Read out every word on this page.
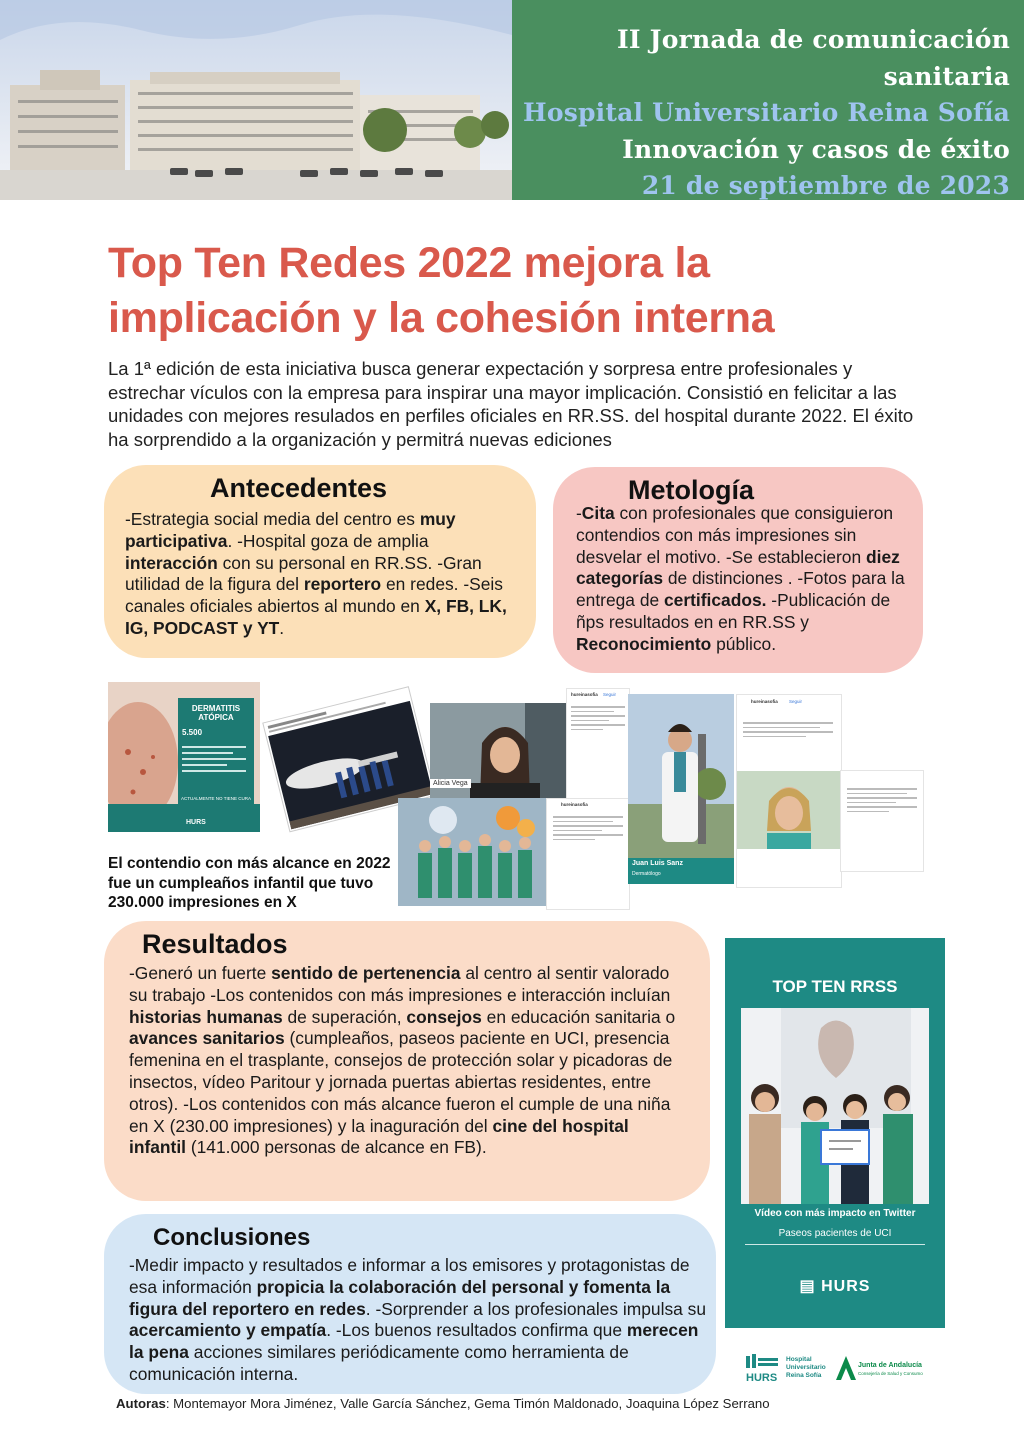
II Jornada de comunicación sanitaria
Hospital Universitario Reina Sofía
Innovación y casos de éxito
21 de septiembre de 2023
Top Ten Redes 2022 mejora la
implicación y la cohesión interna
La 1ª edición de esta iniciativa busca generar expectación y sorpresa entre profesionales y estrechar vículos con la empresa para inspirar una mayor implicación. Consistió en felicitar a las unidades con mejores resulados en perfiles oficiales en RR.SS. del hospital durante 2022. El éxito ha sorprendido a la organización y permitrá nuevas ediciones
Antecedentes

-Estrategia social media del centro es muy participativa. -Hospital goza de amplia interacción con su personal en RR.SS. -Gran utilidad de la figura del reportero en redes. -Seis canales oficiales abiertos al mundo en X, FB, LK, IG, PODCAST y YT.

Metología

-Cita con profesionales que consiguieron contendios con más impresiones sin desvelar el motivo. -Se establecieron diez categorías de distinciones . -Fotos para la entrega de certificados. -Publicación de ñps resultados en en RR.SS y Reconocimiento público.

DERMATITIS ATÓPICA
5.500
ACTUALMENTE NO TIENE CURA
HURS
Alicia Vega
hureinasofia Seguir
hureinasofia
Juan Luis Sanz
Dermatólogo
hureinasofia Seguir
El contendio con más alcance en 2022 fue un cumpleaños infantil que tuvo 230.000 impresiones en X
Resultados

-Generó un fuerte sentido de pertenencia al centro al sentir valorado su trabajo -Los contenidos con más impresiones e interacción incluían historias humanas de superación, consejos en educación sanitaria o avances sanitarios (cumpleaños, paseos paciente en UCI, presencia femenina en el trasplante, consejos de protección solar y picadoras de insectos, vídeo Paritour y jornada puertas abiertas residentes, entre otros). -Los contenidos con más alcance fueron el cumple de una niña en X (230.00 impresiones) y la inaguración del cine del hospital infantil (141.000 personas de alcance en FB).

TOP TEN RRSS
Vídeo con más impacto en Twitter
Paseos pacientes de UCI
▤ HURS
Conclusiones

-Medir impacto y resultados e informar a los emisores y protagonistas de esa información propicia la colaboración del personal y fomenta la figura del reportero en redes. -Sorprender a los profesionales impulsa su acercamiento y empatía. -Los buenos resultados confirma que merecen la pena acciones similares periódicamente como herramienta de comunicación interna.	HURS
Hospital
Universitario
Reina Sofía
Junta de Andalucía
Consejería de Salud y Consumo
Autoras: Montemayor Mora Jiménez, Valle García Sánchez, Gema Timón Maldonado, Joaquina López Serrano
